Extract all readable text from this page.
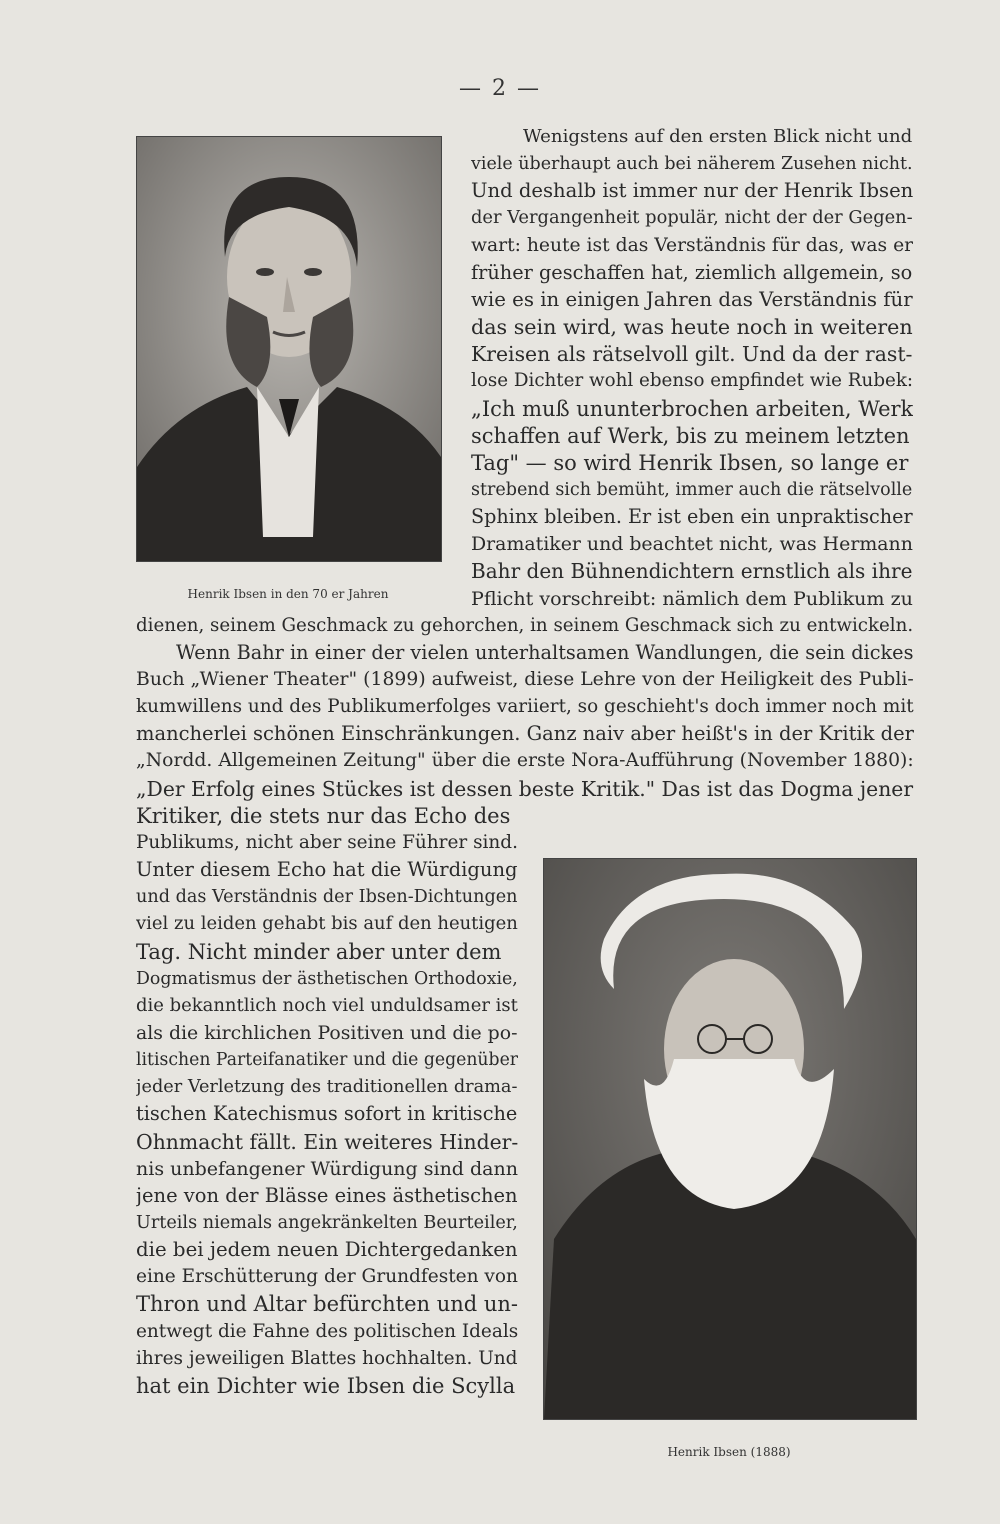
— 2 —
Henrik Ibsen in den 70 er Jahren
Henrik Ibsen (1888)
Wenigstens auf den ersten Blick nicht und
viele überhaupt auch bei näherem Zusehen nicht.
Und deshalb ist immer nur der Henrik Ibsen
der Vergangenheit populär, nicht der der Gegen-
wart: heute ist das Verständnis für das, was er
früher geschaffen hat, ziemlich allgemein, so
wie es in einigen Jahren das Verständnis für
das sein wird, was heute noch in weiteren
Kreisen als rätselvoll gilt. Und da der rast-
lose Dichter wohl ebenso empfindet wie Rubek:
„Ich muß ununterbrochen arbeiten, Werk
schaffen auf Werk, bis zu meinem letzten
Tag" — so wird Henrik Ibsen, so lange er
strebend sich bemüht, immer auch die rätselvolle
Sphinx bleiben. Er ist eben ein unpraktischer
Dramatiker und beachtet nicht, was Hermann
Bahr den Bühnendichtern ernstlich als ihre
Pflicht vorschreibt: nämlich dem Publikum zu
dienen, seinem Geschmack zu gehorchen, in seinem Geschmack sich zu entwickeln.
Wenn Bahr in einer der vielen unterhaltsamen Wandlungen, die sein dickes
Buch „Wiener Theater" (1899) aufweist, diese Lehre von der Heiligkeit des Publi-
kumwillens und des Publikumerfolges variiert, so geschieht's doch immer noch mit
mancherlei schönen Einschränkungen. Ganz naiv aber heißt's in der Kritik der
„Nordd. Allgemeinen Zeitung" über die erste Nora-Aufführung (November 1880):
„Der Erfolg eines Stückes ist dessen beste Kritik." Das ist das Dogma jener
Kritiker, die stets nur das Echo des
Publikums, nicht aber seine Führer sind.
Unter diesem Echo hat die Würdigung
und das Verständnis der Ibsen-Dichtungen
viel zu leiden gehabt bis auf den heutigen
Tag. Nicht minder aber unter dem
Dogmatismus der ästhetischen Orthodoxie,
die bekanntlich noch viel unduldsamer ist
als die kirchlichen Positiven und die po-
litischen Parteifanatiker und die gegenüber
jeder Verletzung des traditionellen drama-
tischen Katechismus sofort in kritische
Ohnmacht fällt. Ein weiteres Hinder-
nis unbefangener Würdigung sind dann
jene von der Blässe eines ästhetischen
Urteils niemals angekränkelten Beurteiler,
die bei jedem neuen Dichtergedanken
eine Erschütterung der Grundfesten von
Thron und Altar befürchten und un-
entwegt die Fahne des politischen Ideals
ihres jeweiligen Blattes hochhalten. Und
hat ein Dichter wie Ibsen die Scylla
